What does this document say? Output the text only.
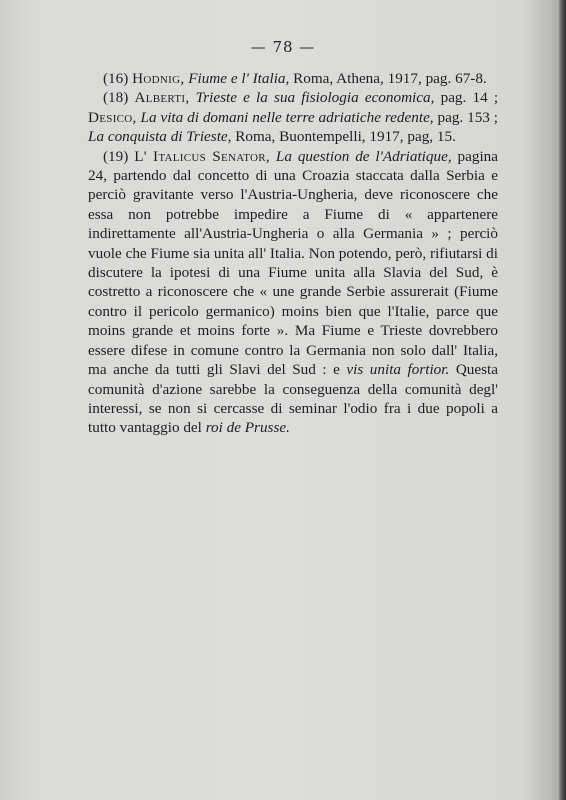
— 78 —

(16) Hodnig, Fiume e l' Italia, Roma, Athena, 1917, pag. 67-8.

(18) Alberti, Trieste e la sua fisiologia economica, pag. 14 ; Desico, La vita di domani nelle terre adriatiche redente, pag. 153 ; La conquista di Trieste, Roma, Buontempelli, 1917, pag, 15.

(19) L' Italicus Senator, La question de l'Adriatique, pagina 24, partendo dal concetto di una Croazia staccata dalla Serbia e perciò gravitante verso l'Austria-Ungheria, deve riconoscere che essa non potrebbe impedire a Fiume di « appartenere indirettamente all'Austria-Ungheria o alla Germania » ; perciò vuole che Fiume sia unita all' Italia. Non potendo, però, rifiutarsi di discutere la ipotesi di una Fiume unita alla Slavia del Sud, è costretto a riconoscere che « une grande Serbie assurerait (Fiume contro il pericolo germanico) moins bien que l'Italie, parce que moins grande et moins forte ». Ma Fiume e Trieste dovrebbero essere difese in comune contro la Germania non solo dall' Italia, ma anche da tutti gli Slavi del Sud : e vis unita fortior. Questa comunità d'azione sarebbe la conseguenza della comunità degl' interessi, se non si cercasse di seminar l'odio fra i due popoli a tutto vantaggio del roi de Prusse.
